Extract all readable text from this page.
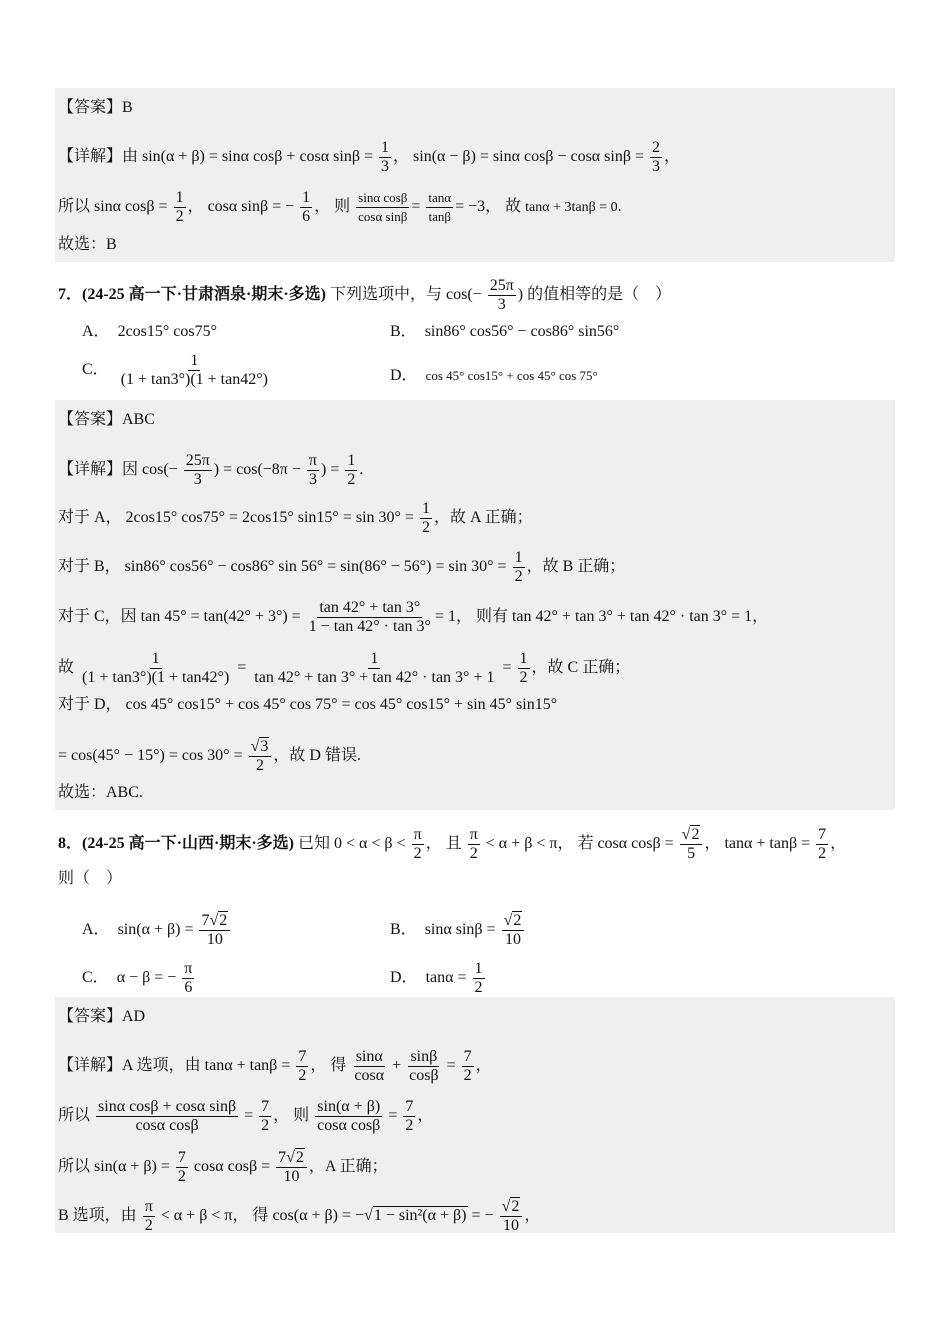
【答案】B
【详解】由 sin(α + β) = sinα cosβ + cosα $\sin\beta = \frac{1}{3}$ ， sin(α − β) = sinα cosβ − cosα $\sin\beta = \frac{2}{3}$ ，
所以 sinα $\cos\beta = \frac{1}{2}$ ， cosα sinβ = − $\frac{1}{6}$ ， 则 $\frac{\text{sinα cosβ}}{\text{cosα sinβ}} = \frac{\tan\alpha}{\tan\beta} = -3$， 故 tanα + 3tanβ = 0.
故选：B
7．(24-25 高一下·甘肃酒泉·期末·多选) 下列选项中，与 $\cos(- \frac{25\pi}{3}$ ) 的值相等的是（　）
A．  2cos15° cos75°	B．  sin86° cos56° − cos86° sin56°
C． $\frac{1}{(1 + \tan 3^\circ)(1 + \tan 42^\circ)}$	D． cos 45° cos15° + cos 45° cos 75°
【答案】ABC
【详解】因 $\cos(- \frac{25\pi}{3}$ ) = $\cos(-8\pi - \frac{\pi}{3}$ ) = $\frac{1}{2}$ .
对于 A， 2cos15° cos75° = 2cos15° $\sin 15^\circ = \sin 30^\circ = \frac{1}{2}$ ，故 A 正确；
对于 B， sin86° cos56° − cos86° $\sin 56^\circ = \sin(86^\circ - 56^\circ) = \sin 30^\circ = \frac{1}{2}$ ，故 B 正确；
对于 C，因 $\tan 45^\circ = \tan(42^\circ + 3^\circ) = \frac{\tan 42^\circ + \tan 3^\circ}{1 - \tan 42^\circ \cdot \tan 3^\circ} = 1$， 则有 tan 42° + tan 3° + tan 42° · tan 3° = 1，
故 $\frac{1}{(1 + \tan 3^\circ)(1 + \tan 42^\circ)} = \frac{1}{\tan 42^\circ + \tan 3^\circ + \tan 42^\circ \cdot \tan 3^\circ + 1} = \frac{1}{2}$ ，故 C 正确；
对于 D， cos 45° cos15° + cos 45° cos 75° = cos 45° cos15° + sin 45° sin15°
= $\cos(45^\circ - 15^\circ) = \cos 30^\circ = \frac{√3}{2}$ ，故 D 错误.
故选：ABC.
8．(24-25 高一下·山西·期末·多选) 已知 $0 < \alpha < \beta < \frac{\pi}{2}$ ， 且 $\frac{\pi}{2} < \alpha + \beta < \pi$， 若 cosα $\cos\beta = \frac{√2}{5}$ ， $\tan\alpha + \tan\beta = \frac{7}{2}$ ，
则（　）
A．  $\sin(\alpha + \beta) = \frac{7√2}{10}$	B．  sinα $\sin\beta = \frac{√2}{10}$
C．  α − β = − $\frac{\pi}{6}$	D．  $\tan\alpha = \frac{1}{2}$
【答案】AD
【详解】A 选项，由 $\tan\alpha + \tan\beta = \frac{7}{2}$ ， 得 $\frac{\sin\alpha}{\cos\alpha} + \frac{\sin\beta}{\cos\beta} = \frac{7}{2}$ ，
所以 $\frac{\text{sinα cosβ + cosα sinβ}}{\text{cosα cosβ}} = \frac{7}{2}$ ， 则 $\frac{\sin(\alpha + \beta)}{\text{cosα cosβ}} = \frac{7}{2}$ ，
所以 $\sin(\alpha + \beta) = \frac{7}{2}$ cosα $\cos\beta = \frac{7√2}{10}$ ，A 正确；
B 选项，由 $\frac{\pi}{2} < \alpha + \beta < \pi$， 得 cos(α + β) = −√1 − sin²(α + β) = − $\frac{√2}{10}$ ，
